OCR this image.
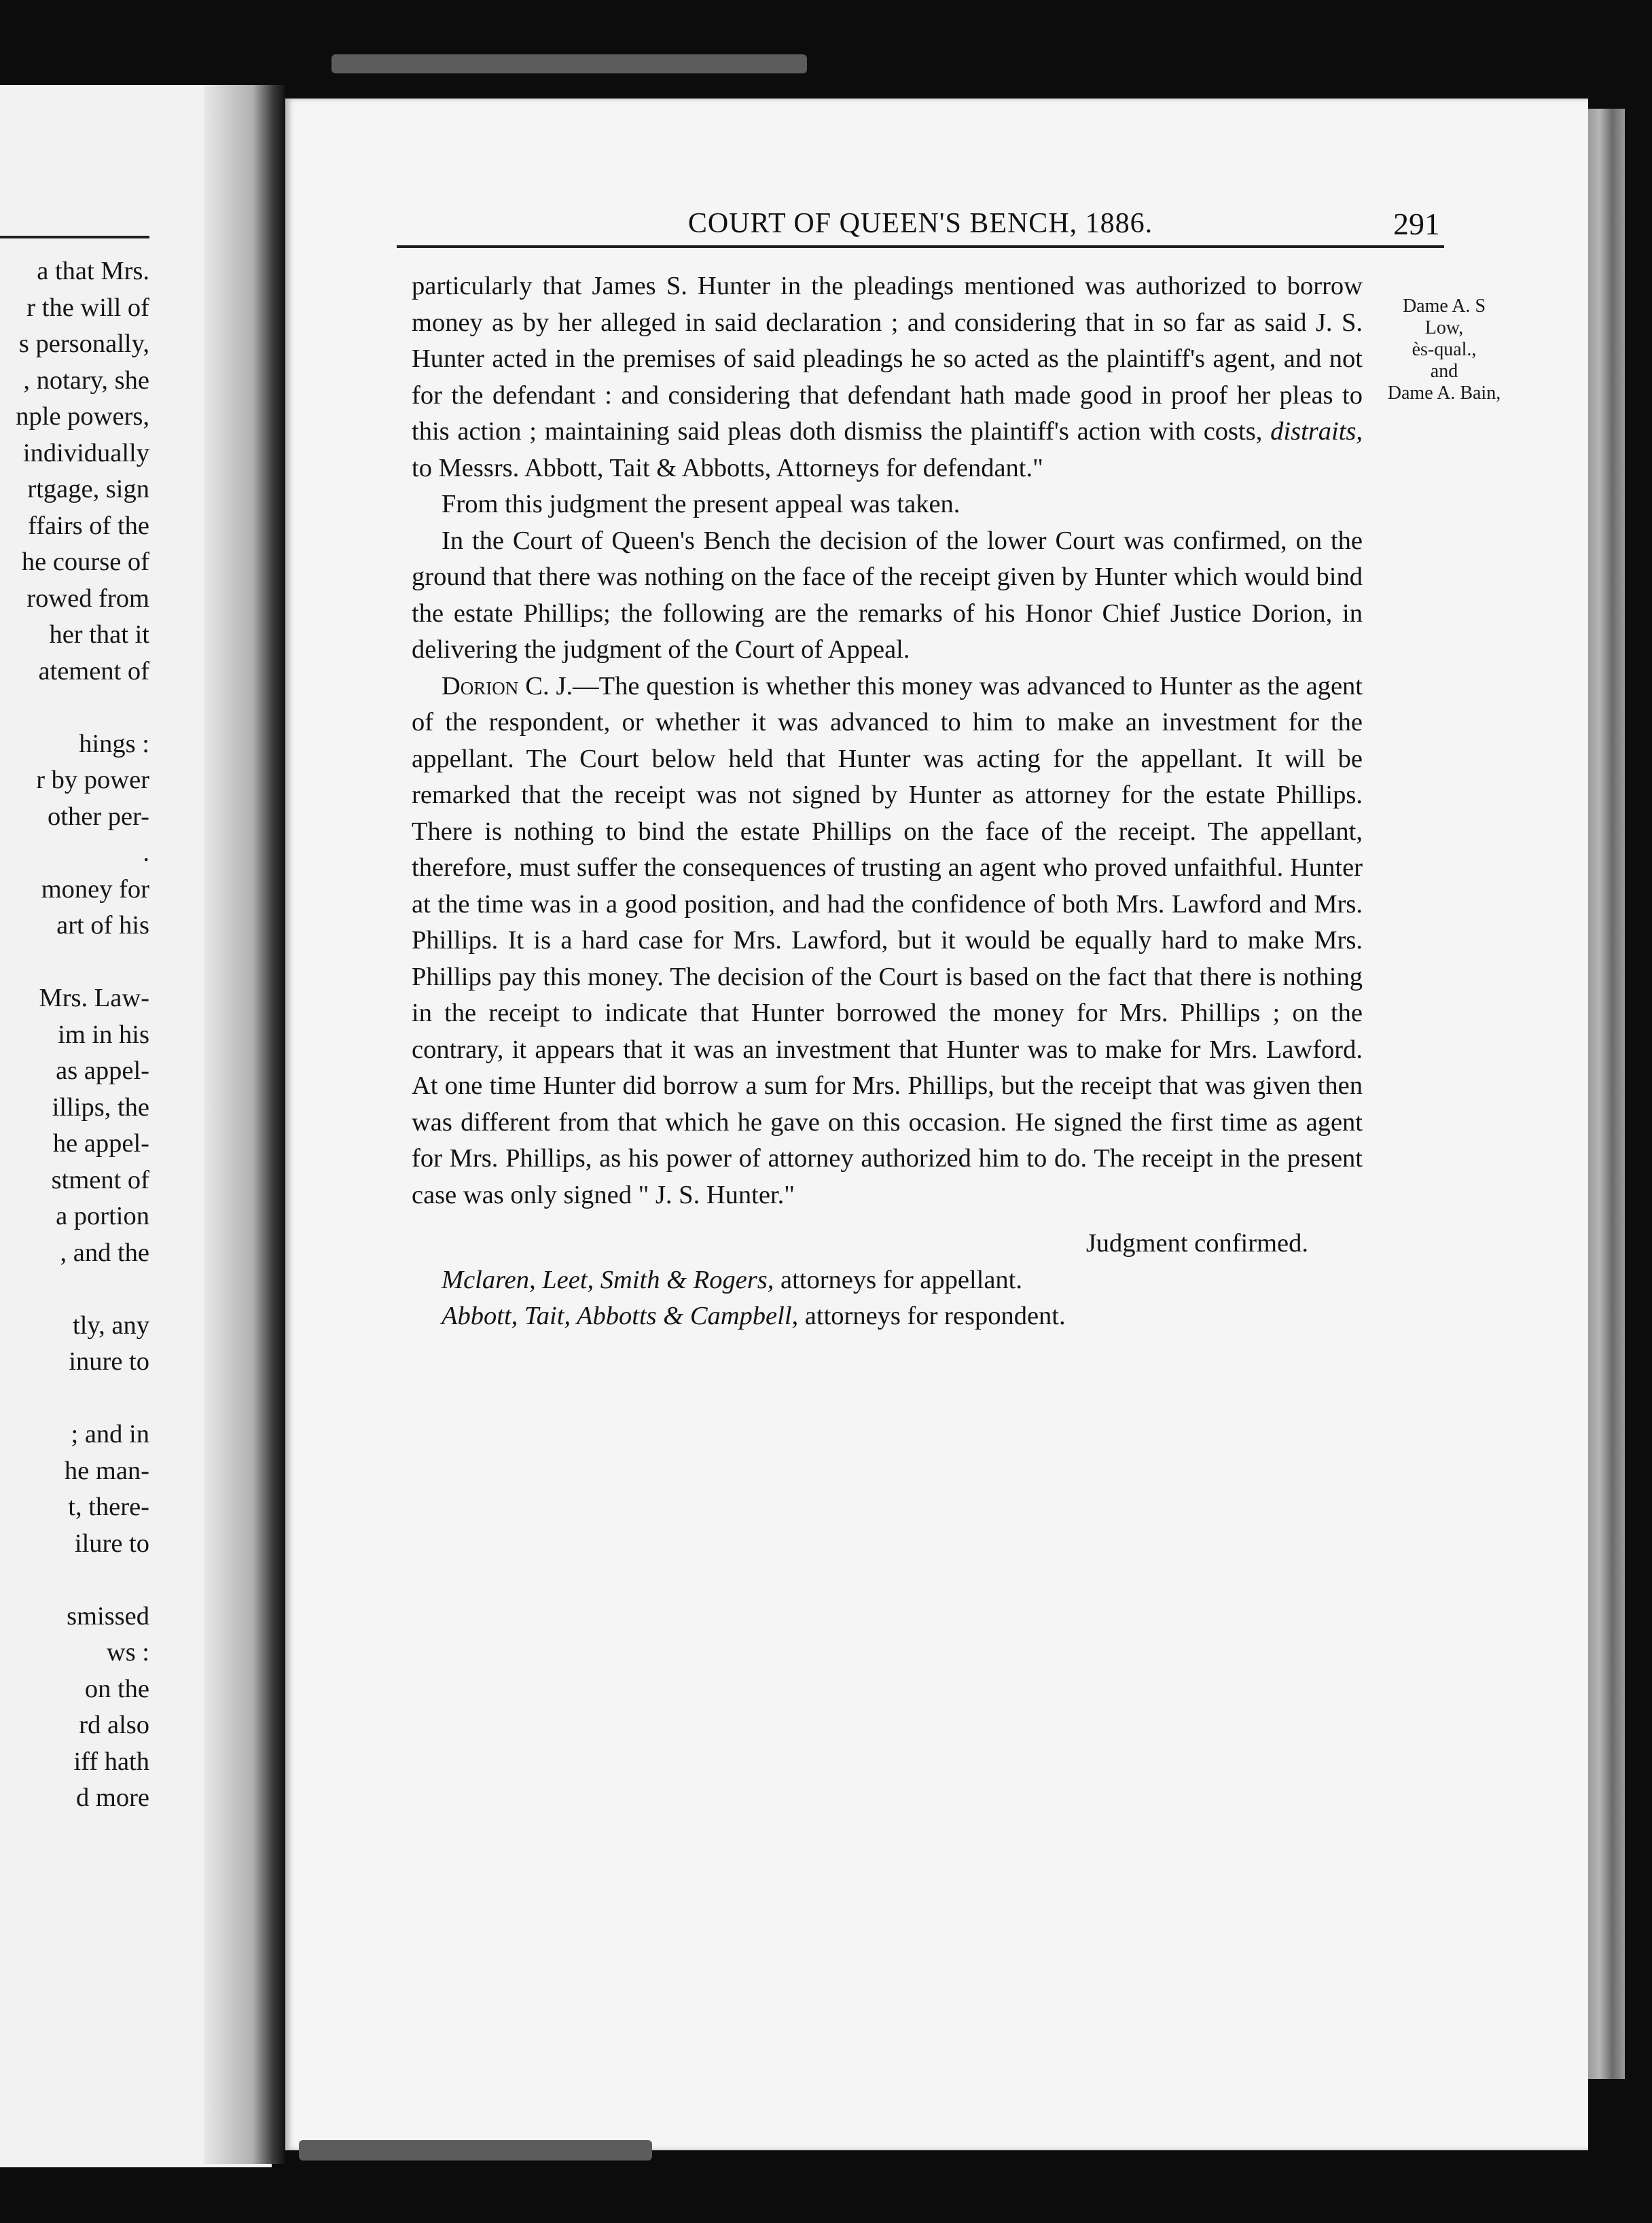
a that Mrs.
r the will of
s personally,
, notary, she
nple powers,
individually
rtgage, sign
ffairs of the
he course of
rowed from
her that it
atement of
hings :
r by power
other per-
.
money for
art of his
Mrs. Law-
im in his
as appel-
illips, the
he appel-
stment of
a portion
, and the
tly, any
inure to
; and in
he man-
t, there-
ilure to
smissed
ws :
on the
rd also
iff hath
d more
COURT OF QUEEN'S BENCH, 1886.	291

particularly that James S. Hunter in the pleadings mentioned was authorized to borrow money as by her alleged in said declaration ; and considering that in so far as said J. S. Hunter acted in the premises of said pleadings he so acted as the plaintiff's agent, and not for the defendant : and considering that defendant hath made good in proof her pleas to this action ; maintaining said pleas doth dismiss the plaintiff's action with costs, distraits, to Messrs. Abbott, Tait & Abbotts, Attorneys for defendant."

From this judgment the present appeal was taken.

In the Court of Queen's Bench the decision of the lower Court was confirmed, on the ground that there was nothing on the face of the receipt given by Hunter which would bind the estate Phillips; the following are the remarks of his Honor Chief Justice Dorion, in delivering the judgment of the Court of Appeal.

Dorion C. J.—The question is whether this money was advanced to Hunter as the agent of the respondent, or whether it was advanced to him to make an investment for the appellant. The Court below held that Hunter was acting for the appellant. It will be remarked that the receipt was not signed by Hunter as attorney for the estate Phillips. There is nothing to bind the estate Phillips on the face of the receipt. The appellant, therefore, must suffer the consequences of trusting an agent who proved unfaithful. Hunter at the time was in a good position, and had the confidence of both Mrs. Lawford and Mrs. Phillips. It is a hard case for Mrs. Lawford, but it would be equally hard to make Mrs. Phillips pay this money. The decision of the Court is based on the fact that there is nothing in the receipt to indicate that Hunter borrowed the money for Mrs. Phillips ; on the contrary, it appears that it was an investment that Hunter was to make for Mrs. Lawford. At one time Hunter did borrow a sum for Mrs. Phillips, but the receipt that was given then was different from that which he gave on this occasion. He signed the first time as agent for Mrs. Phillips, as his power of attorney authorized him to do. The receipt in the present case was only signed " J. S. Hunter."

Judgment confirmed.

Mclaren, Leet, Smith & Rogers, attorneys for appellant.

Abbott, Tait, Abbotts & Campbell, attorneys for respondent.

Dame A. S
Low,
ès-qual.,
and
Dame A. Bain,
